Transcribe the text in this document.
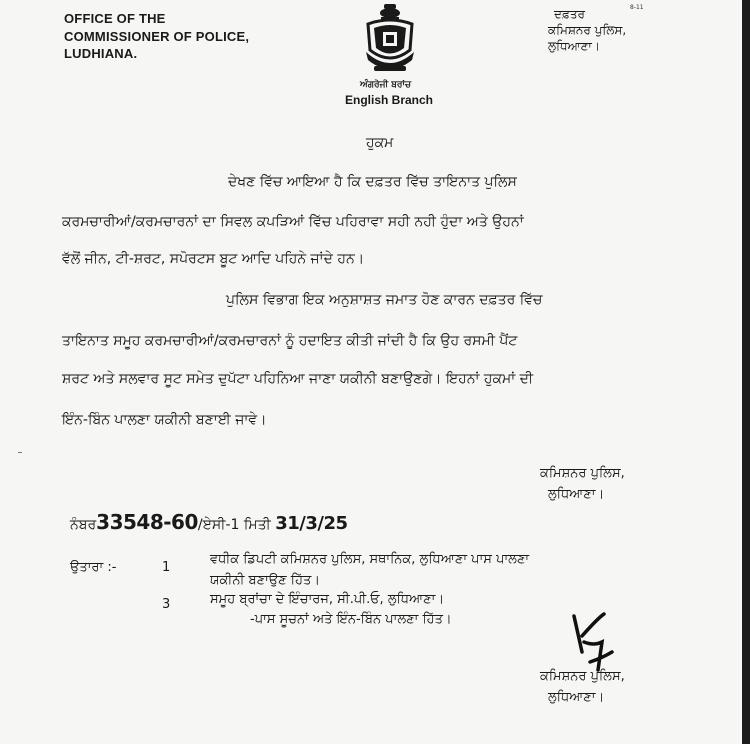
OFFICE OF THE
COMMISSIONER OF POLICE,
LUDHIANA.
ਅੰਗਰੇਜੀ ਬਰਾਂਚ
English Branch
8-11
ਦਫ਼ਤਰ
ਕਮਿਸ਼ਨਰ ਪੁਲਿਸ,
ਲੁਧਿਆਣਾ।
ਹੁਕਮ
ਦੇਖਣ ਵਿੱਚ ਆਇਆ ਹੈ ਕਿ ਦਫ਼ਤਰ ਵਿੱਚ ਤਾਇਨਾਤ ਪੁਲਿਸ
ਕਰਮਚਾਰੀਆਂ/ਕਰਮਚਾਰਨਾਂ ਦਾ ਸਿਵਲ ਕਪੜਿਆਂ ਵਿੱਚ ਪਹਿਰਾਵਾ ਸਹੀ ਨਹੀ ਹੁੰਦਾ ਅਤੇ ਉਹਨਾਂ
ਵੱਲੋਂ ਜੀਨ, ਟੀ-ਸ਼ਰਟ, ਸਪੋਰਟਸ ਬੂਟ ਆਦਿ ਪਹਿਨੇ ਜਾਂਦੇ ਹਨ।
ਪੁਲਿਸ ਵਿਭਾਗ ਇਕ ਅਨੁਸ਼ਾਸ਼ਤ ਜਮਾਤ ਹੋਣ ਕਾਰਨ ਦਫ਼ਤਰ ਵਿੱਚ
ਤਾਇਨਾਤ ਸਮੂਹ ਕਰਮਚਾਰੀਆਂ/ਕਰਮਚਾਰਨਾਂ ਨੂੰ ਹਦਾਇਤ ਕੀਤੀ ਜਾਂਦੀ ਹੈ ਕਿ ਉਹ ਰਸਮੀ ਪੈਂਟ
ਸ਼ਰਟ ਅਤੇ ਸਲਵਾਰ ਸੂਟ ਸਮੇਤ ਦੁਪੱਟਾ ਪਹਿਨਿਆ ਜਾਣਾ ਯਕੀਨੀ ਬਣਾਉਣਗੇ। ਇਹਨਾਂ ਹੁਕਮਾਂ ਦੀ
ਇੰਨ-ਬਿੰਨ ਪਾਲਣਾ ਯਕੀਨੀ ਬਣਾਈ ਜਾਵੇ।
ਕਮਿਸ਼ਨਰ ਪੁਲਿਸ,
ਲੁਧਿਆਣਾ।
ਨੰਬਰ33548-60/ਏਸੀ-1 ਮਿਤੀ 31/3/25
ਉਤਾਰਾ :-	1
ਵਧੀਕ ਡਿਪਟੀ ਕਮਿਸ਼ਨਰ ਪੁਲਿਸ, ਸਥਾਨਿਕ, ਲੁਧਿਆਣਾ ਪਾਸ ਪਾਲਣਾ
ਯਕੀਨੀ ਬਣਾਉਣ ਹਿੱਤ।
3	ਸਮੂਹ ਬ੍ਰਾਂਚਾ ਦੇ ਇੰਚਾਰਜ, ਸੀ.ਪੀ.ਓ, ਲੁਧਿਆਣਾ।
-ਪਾਸ ਸੂਚਨਾਂ ਅਤੇ ਇੰਨ-ਬਿੰਨ ਪਾਲਣਾ ਹਿੱਤ।
ਕਮਿਸ਼ਨਰ ਪੁਲਿਸ,
ਲੁਧਿਆਣਾ।
